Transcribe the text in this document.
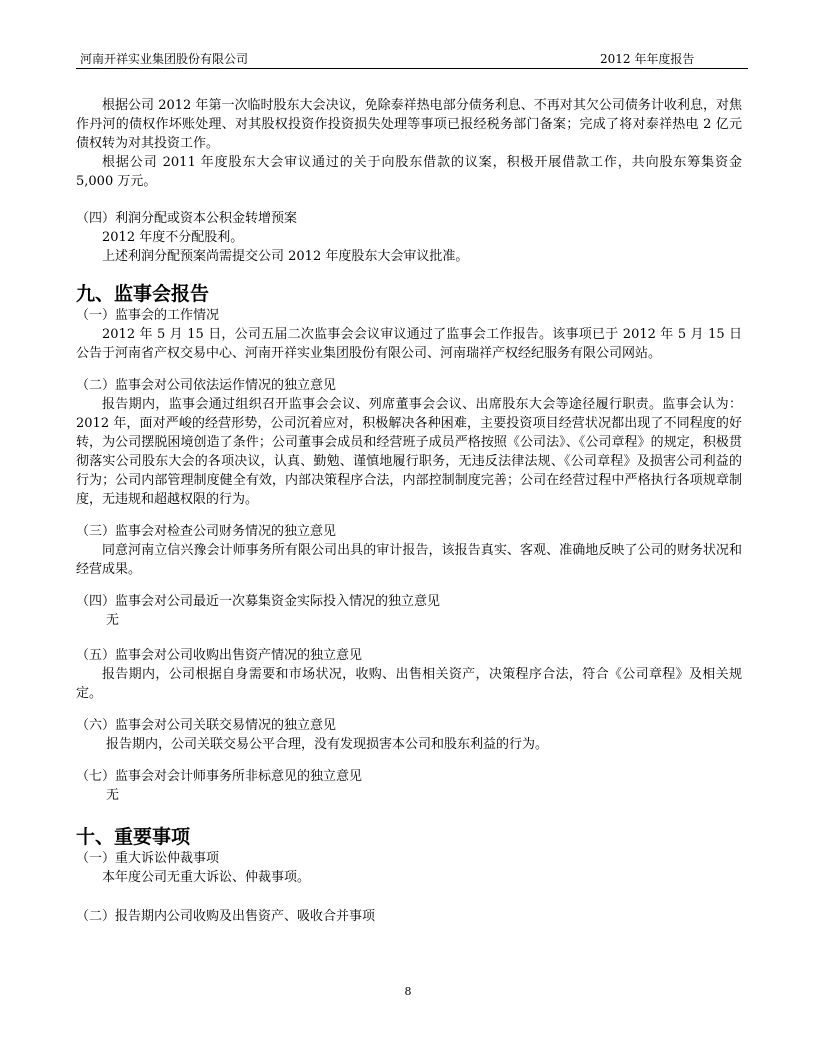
河南开祥实业集团股份有限公司	2012 年年度报告

根据公司 2012 年第一次临时股东大会决议，免除泰祥热电部分债务利息、不再对其欠公司债务计收利息，对焦作丹河的债权作坏账处理、对其股权投资作投资损失处理等事项已报经税务部门备案；完成了将对泰祥热电 2 亿元债权转为对其投资工作。

根据公司 2011 年度股东大会审议通过的关于向股东借款的议案，积极开展借款工作，共向股东筹集资金 5,000 万元。

（四）利润分配或资本公积金转增预案

2012 年度不分配股利。

上述利润分配预案尚需提交公司 2012 年度股东大会审议批准。

九、监事会报告

（一）监事会的工作情况

2012 年 5 月 15 日，公司五届二次监事会会议审议通过了监事会工作报告。该事项已于 2012 年 5 月 15 日公告于河南省产权交易中心、河南开祥实业集团股份有限公司、河南瑞祥产权经纪服务有限公司网站。

（二）监事会对公司依法运作情况的独立意见

报告期内，监事会通过组织召开监事会会议、列席董事会会议、出席股东大会等途径履行职责。监事会认为：2012 年，面对严峻的经营形势，公司沉着应对，积极解决各种困难，主要投资项目经营状况都出现了不同程度的好转，为公司摆脱困境创造了条件；公司董事会成员和经营班子成员严格按照《公司法》、《公司章程》的规定，积极贯彻落实公司股东大会的各项决议，认真、勤勉、谨慎地履行职务，无违反法律法规、《公司章程》及损害公司利益的行为；公司内部管理制度健全有效，内部决策程序合法，内部控制制度完善；公司在经营过程中严格执行各项规章制度，无违规和超越权限的行为。

（三）监事会对检查公司财务情况的独立意见

同意河南立信兴豫会计师事务所有限公司出具的审计报告，该报告真实、客观、准确地反映了公司的财务状况和经营成果。

（四）监事会对公司最近一次募集资金实际投入情况的独立意见

无

（五）监事会对公司收购出售资产情况的独立意见

报告期内，公司根据自身需要和市场状况，收购、出售相关资产，决策程序合法，符合《公司章程》及相关规定。

（六）监事会对公司关联交易情况的独立意见

报告期内，公司关联交易公平合理，没有发现损害本公司和股东利益的行为。

（七）监事会对会计师事务所非标意见的独立意见

无

十、重要事项

（一）重大诉讼仲裁事项

本年度公司无重大诉讼、仲裁事项。

（二）报告期内公司收购及出售资产、吸收合并事项

8
